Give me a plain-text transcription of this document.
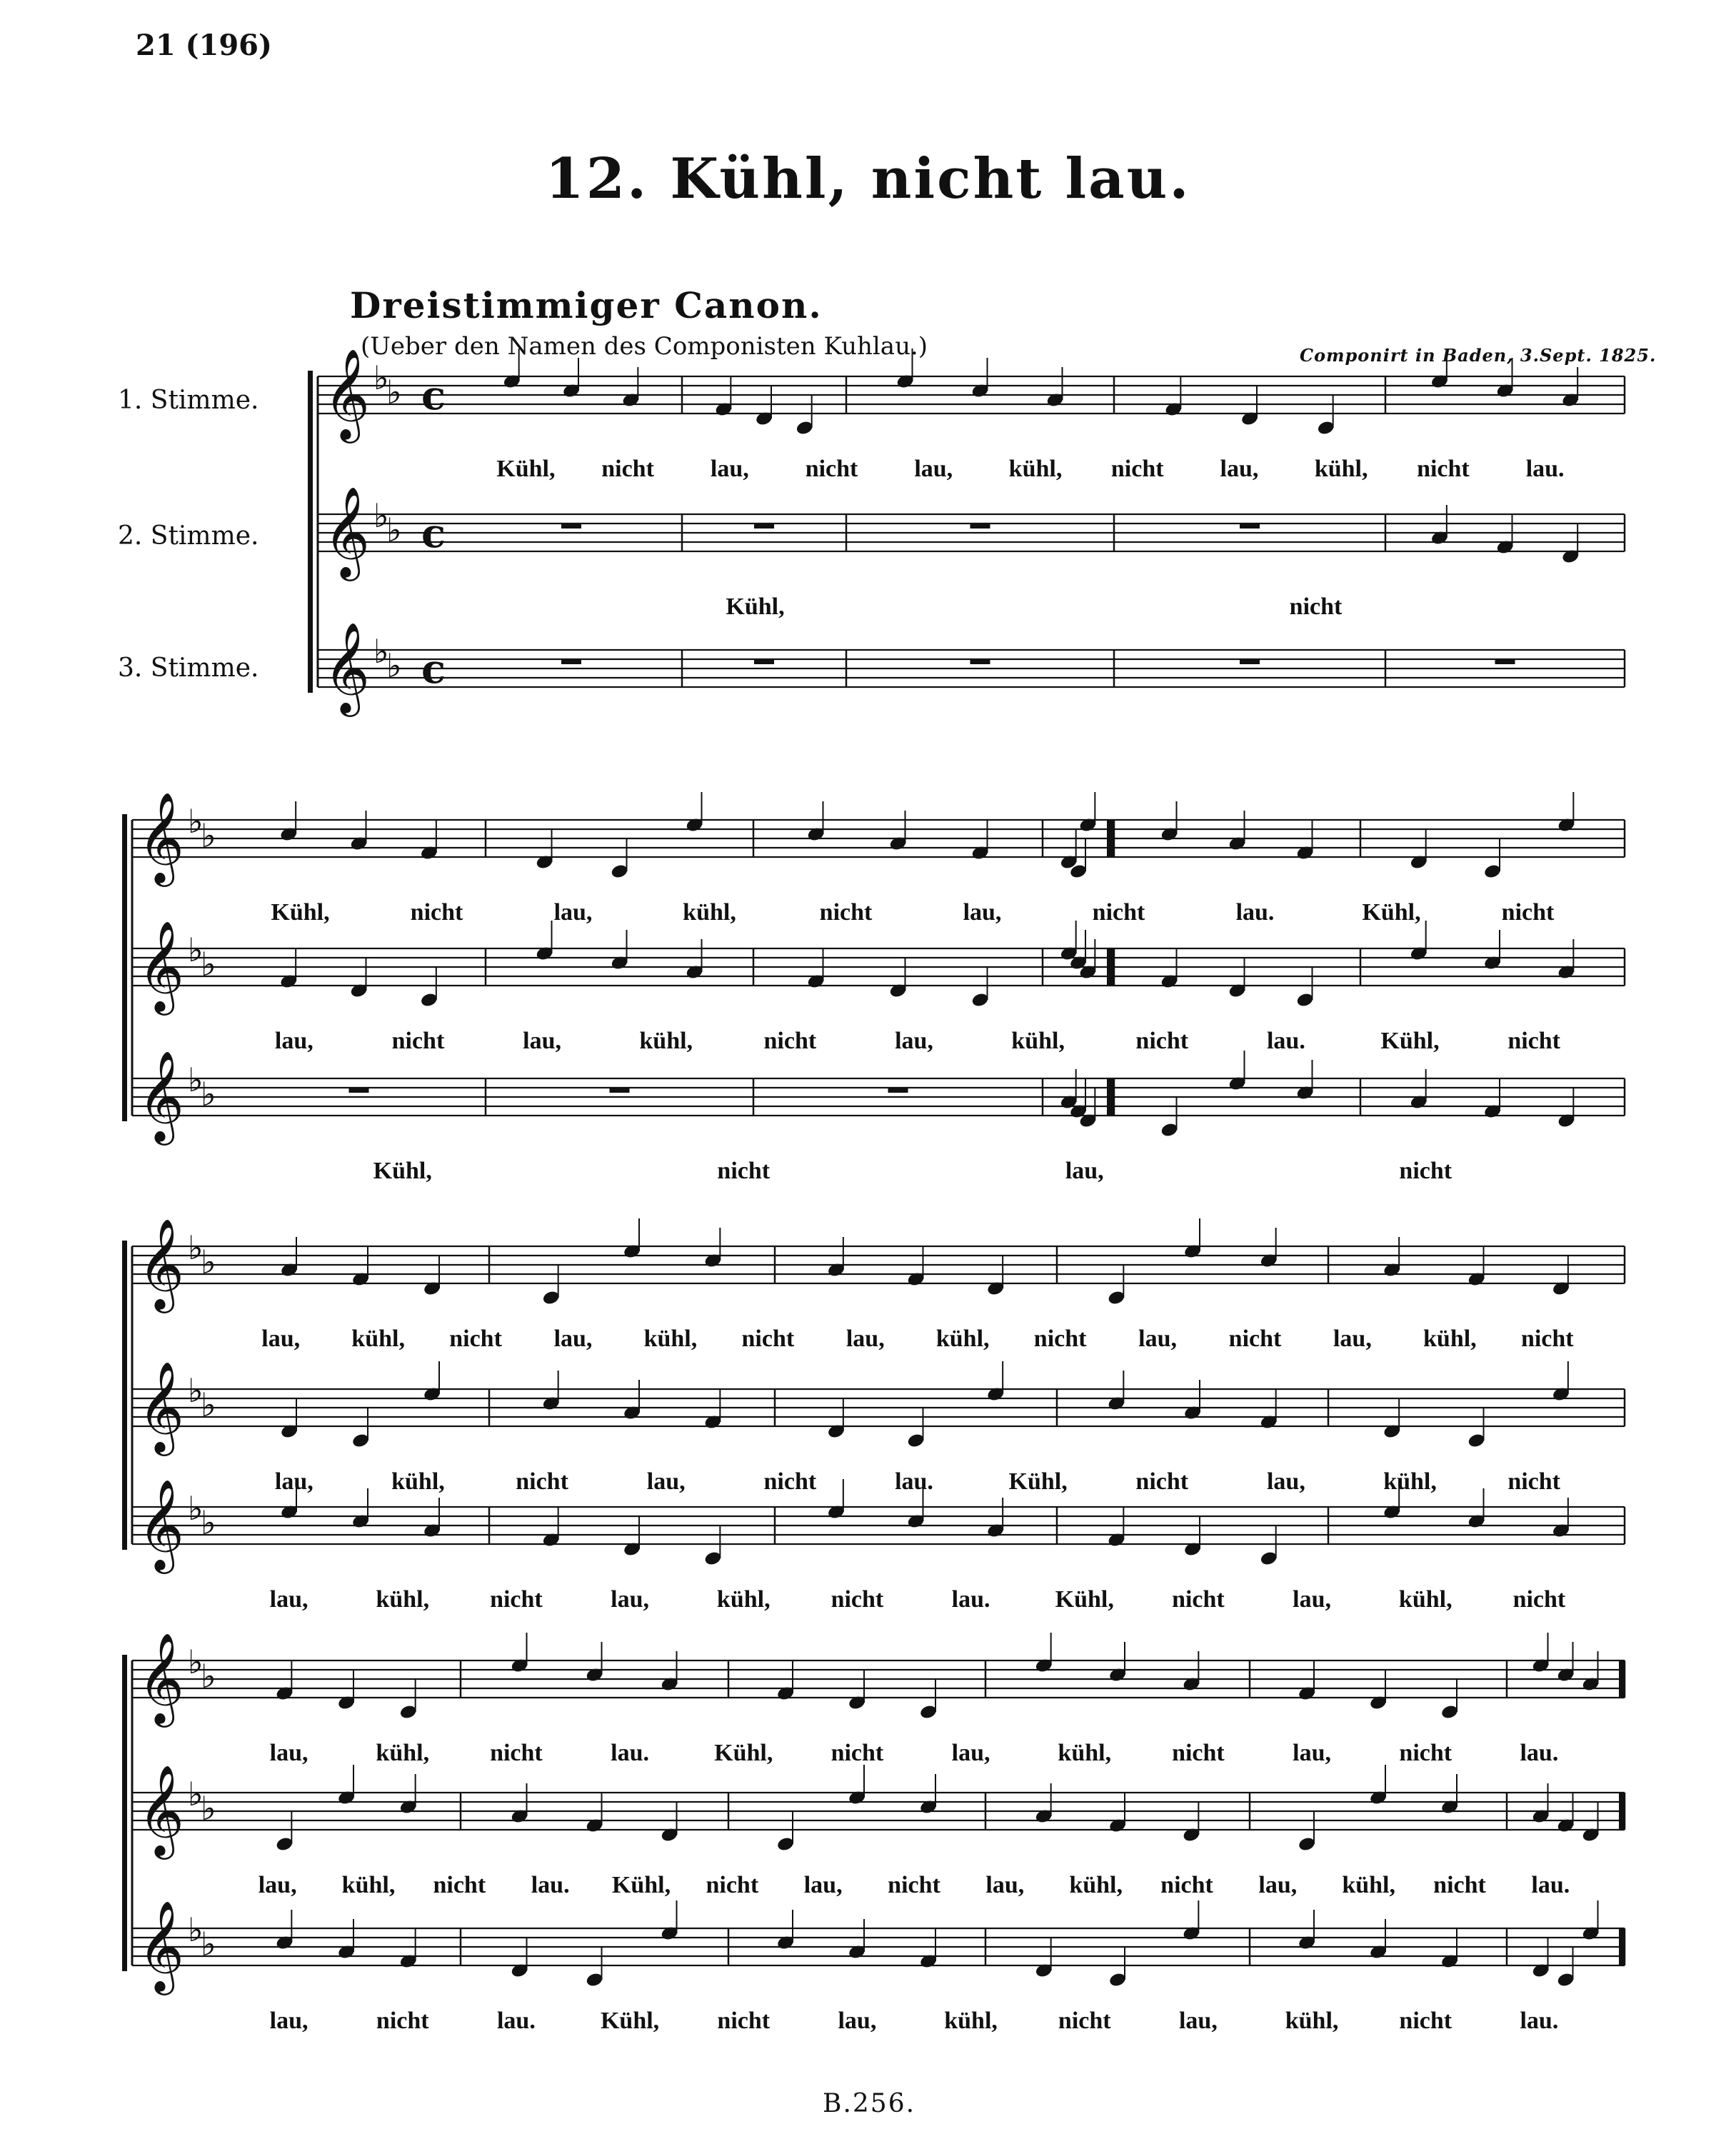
21 (196)
12. Kühl, nicht lau.
Dreistimmiger Canon.
(Ueber den Namen des Componisten Kuhlau.)	Componirt in Baden, 3.Sept. 1825.
1. Stimme.
2. Stimme.
3. Stimme.
𝄞 ♭
♭ c
Kühl, nicht lau, nicht lau, kühl, nicht lau, kühl, nicht lau.
𝄞 ♭
♭ c
Kühl,	nicht
𝄞 ♭
♭ c
𝄞 ♭
♭
Kühl,	nicht	lau,	kühl,	nicht	lau,	nicht	lau.	Kühl,	nicht
𝄞 ♭
♭
lau,	nicht	lau,	kühl,	nicht	lau,	kühl,	nicht	lau.	Kühl,	nicht
𝄞 ♭
♭
Kühl,	nicht	lau,	nicht
𝄞 ♭
♭
lau, kühl, nicht lau, kühl, nicht lau, kühl, nicht lau, nicht lau, kühl, nicht
𝄞 ♭
♭
lau,	kühl,	nicht	lau,	nicht	lau.	Kühl,	nicht	lau,	kühl,	nicht
𝄞 ♭
♭
lau,	kühl, nicht	lau,	kühl, nicht	lau.	Kühl, nicht	lau,	kühl, nicht
𝄞 ♭
♭
lau,	kühl, nicht	lau.	Kühl, nicht	lau,	kühl, nicht	lau,	nicht	lau.
𝄞 ♭
♭
lau, kühl, nicht lau. Kühl, nicht lau, nicht lau, kühl, nicht lau, kühl, nicht lau.
𝄞 ♭
♭
lau,	nicht	lau.	Kühl, nicht	lau,	kühl, nicht	lau,	kühl, nicht	lau.
B.256.
